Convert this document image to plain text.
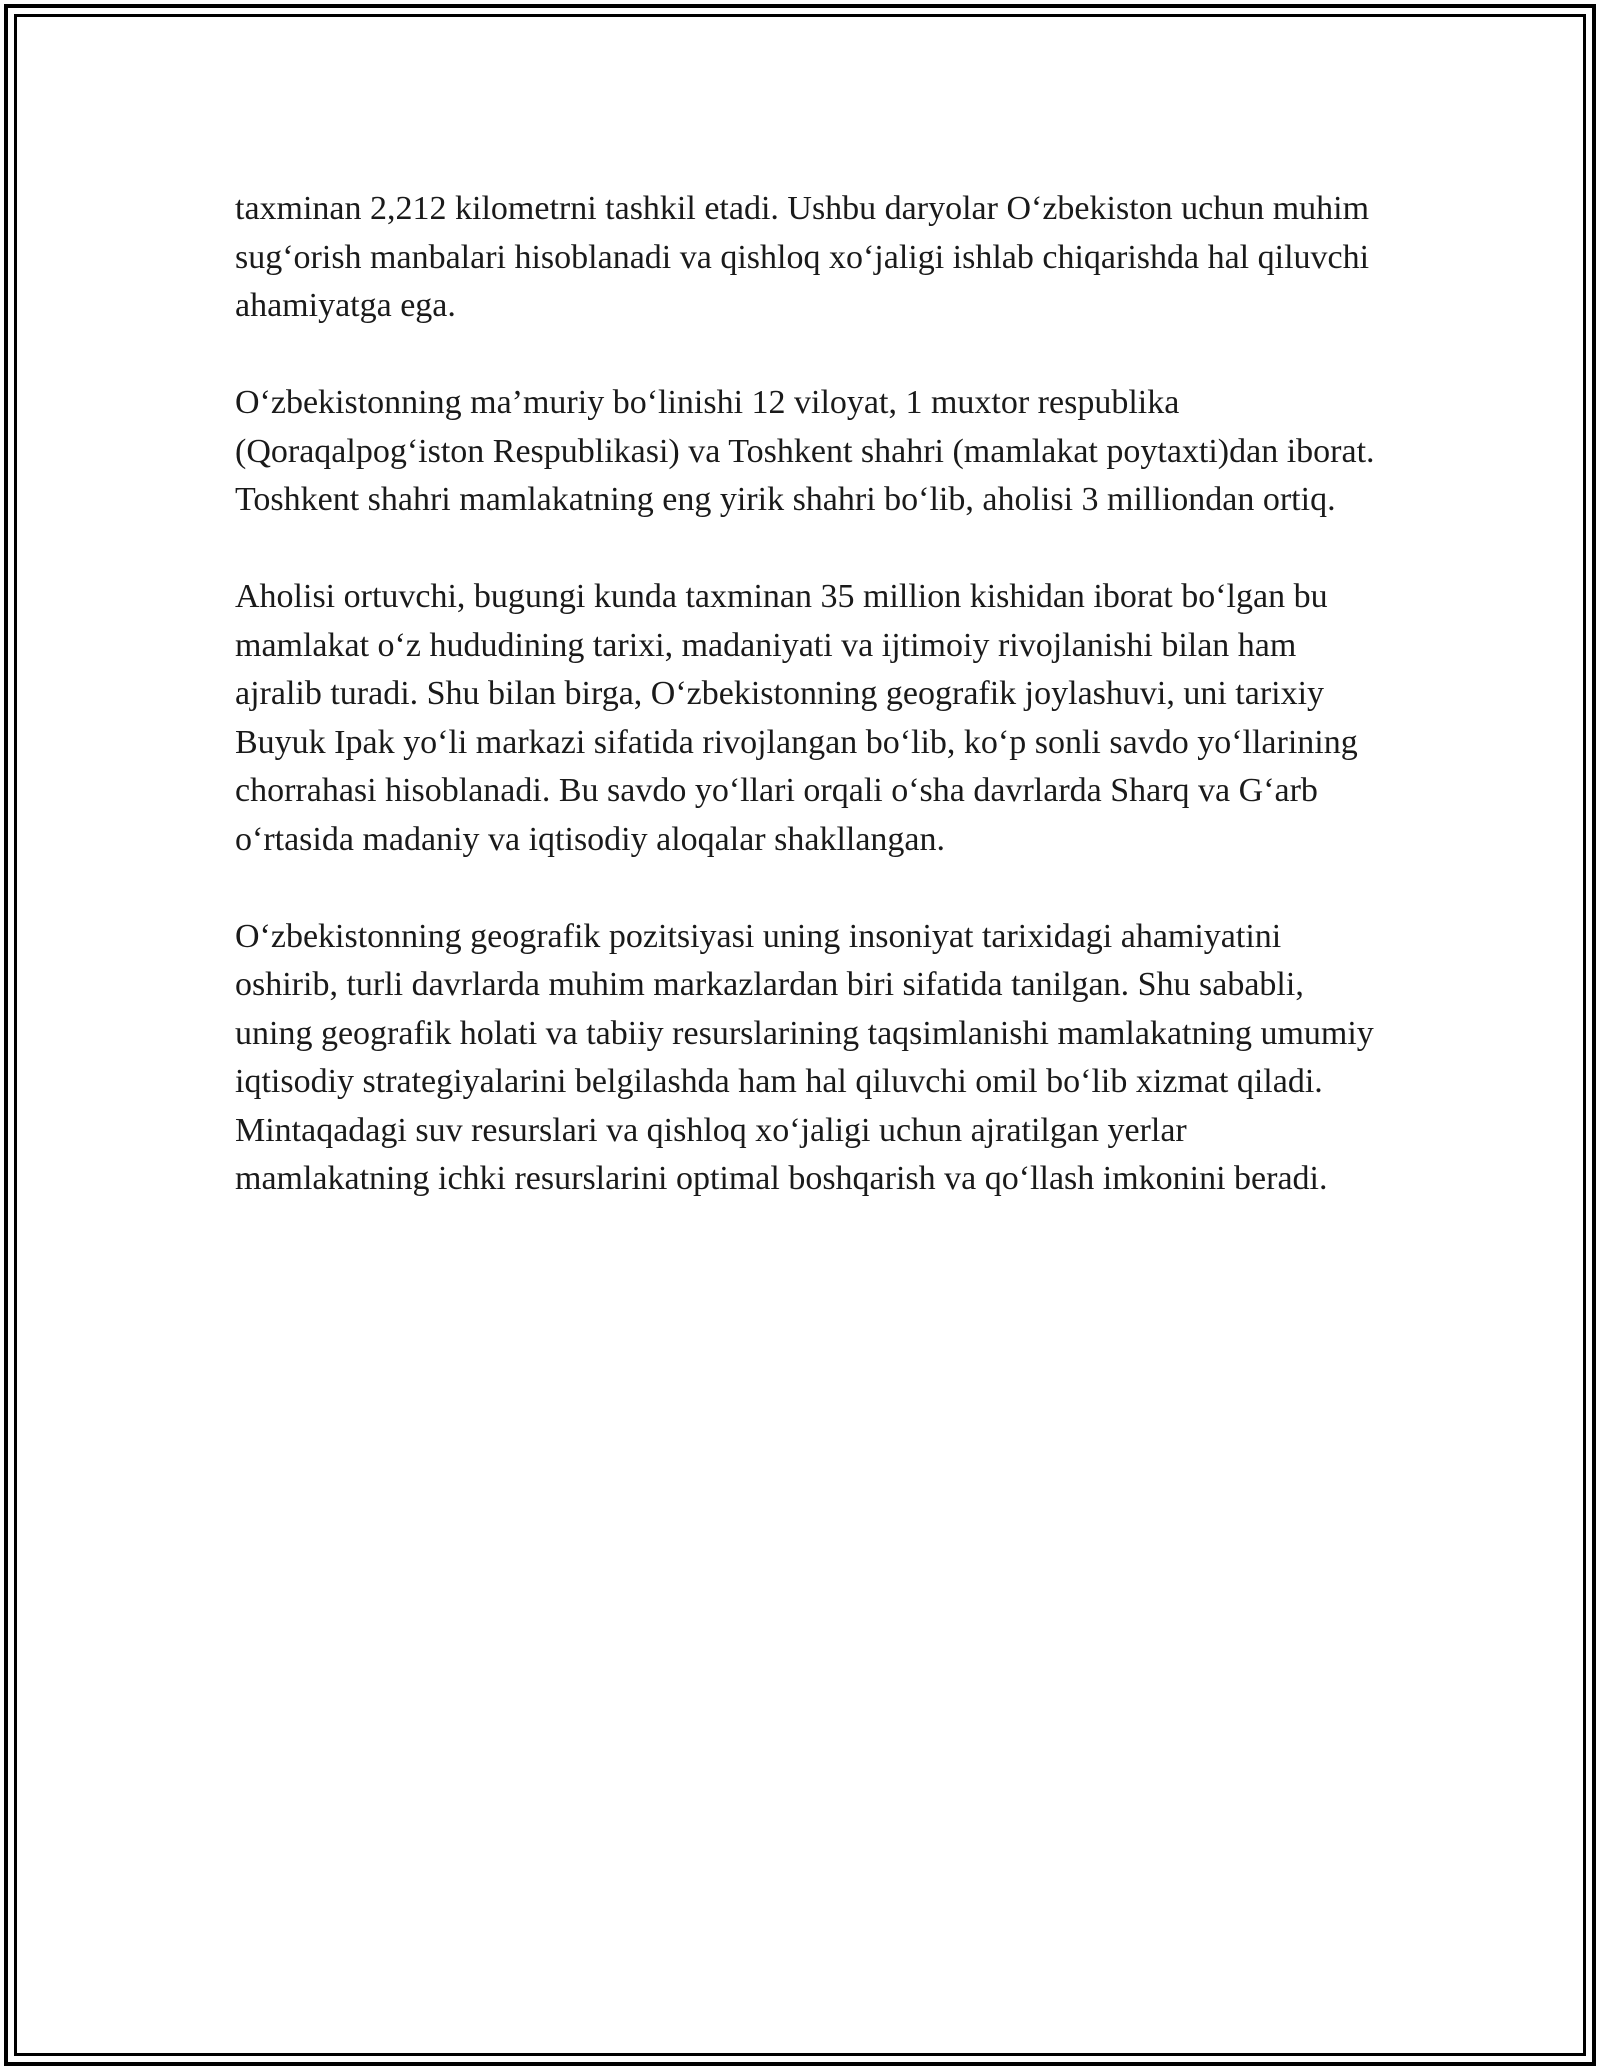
taxminan 2,212 kilometrni tashkil etadi. Ushbu daryolar O‘zbekiston uchun muhim sug‘orish manbalari hisoblanadi va qishloq xo‘jaligi ishlab chiqarishda hal qiluvchi ahamiyatga ega.

O‘zbekistonning ma’muriy bo‘linishi 12 viloyat, 1 muxtor respublika (Qoraqalpog‘iston Respublikasi) va Toshkent shahri (mamlakat poytaxti)dan iborat. Toshkent shahri mamlakatning eng yirik shahri bo‘lib, aholisi 3 milliondan ortiq.

Aholisi ortuvchi, bugungi kunda taxminan 35 million kishidan iborat bo‘lgan bu mamlakat o‘z hududining tarixi, madaniyati va ijtimoiy rivojlanishi bilan ham ajralib turadi. Shu bilan birga, O‘zbekistonning geografik joylashuvi, uni tarixiy Buyuk Ipak yo‘li markazi sifatida rivojlangan bo‘lib, ko‘p sonli savdo yo‘llarining chorrahasi hisoblanadi. Bu savdo yo‘llari orqali o‘sha davrlarda Sharq va G‘arb o‘rtasida madaniy va iqtisodiy aloqalar shakllangan.

O‘zbekistonning geografik pozitsiyasi uning insoniyat tarixidagi ahamiyatini oshirib, turli davrlarda muhim markazlardan biri sifatida tanilgan. Shu sababli, uning geografik holati va tabiiy resurslarining taqsimlanishi mamlakatning umumiy iqtisodiy strategiyalarini belgilashda ham hal qiluvchi omil bo‘lib xizmat qiladi. Mintaqadagi suv resurslari va qishloq xo‘jaligi uchun ajratilgan yerlar mamlakatning ichki resurslarini optimal boshqarish va qo‘llash imkonini beradi.
